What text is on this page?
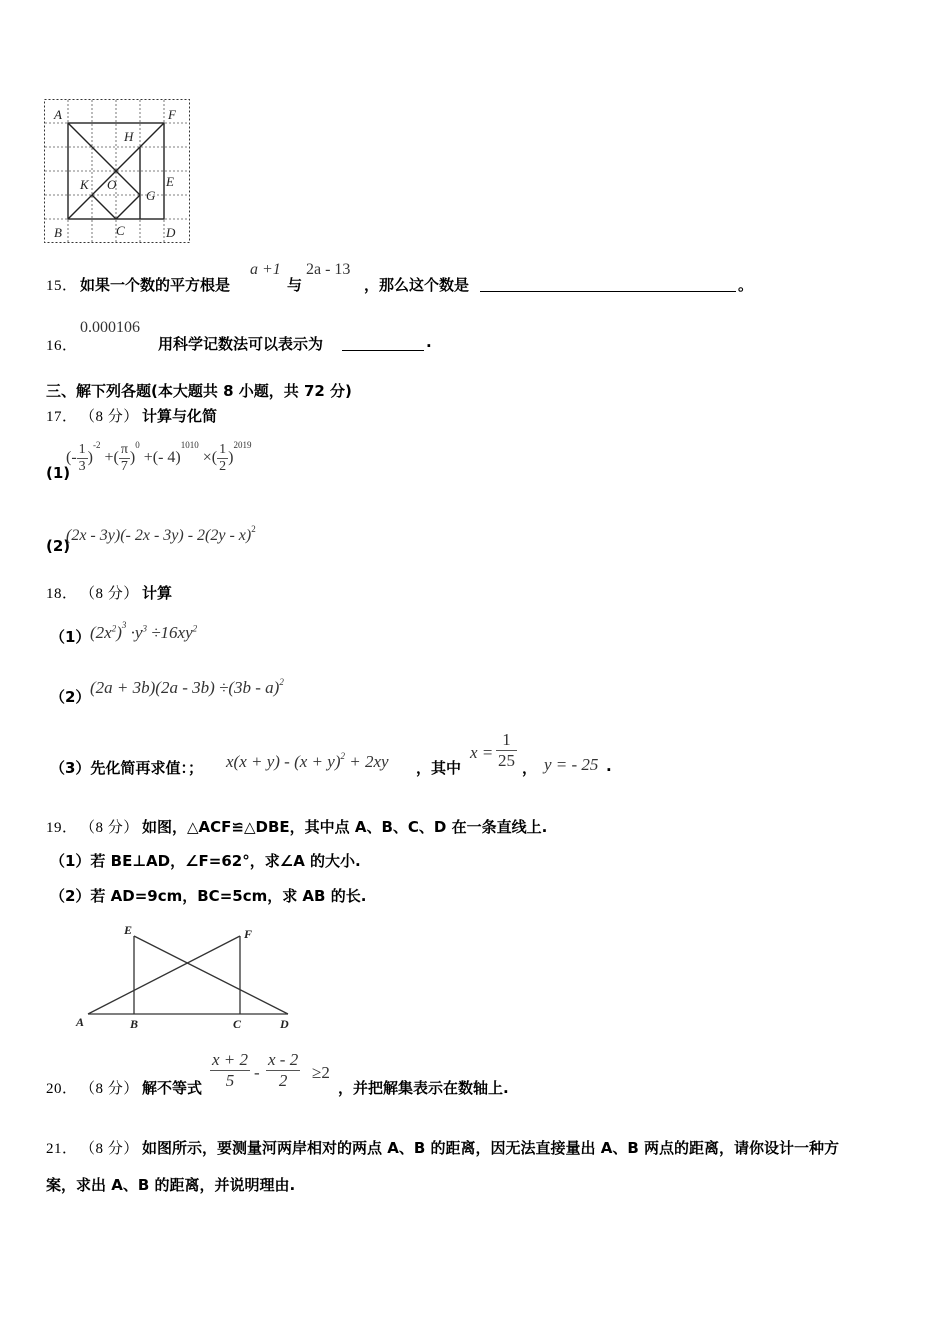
A	F
H
K O
G
E
B	C	D
15． 如果一个数的平方根是
a +1
与
2a - 13
，那么这个数是	。
16．
0.000106
用科学记数法可以表示为	.
三、解下列各题(本大题共 8 小题，共 72 分)
17． （8 分） 计算与化简
(1)
(- $\frac{1}{3} )^{-2}$ +( $\frac{\pi}{7} )^0$ +(- 4)$^{1010}$ ×( $\frac{1}{2} )^{2019}$
(2)
(2x - 3y)(- 2x - 3y) - 2(2y - x)$^2$
18． （8 分） 计算
（1） $(2x^2)^3 \cdot y^3 \div 16xy^2$
（2） (2a + 3b)(2a - 3b) ÷(3b - a)$^2$
（3）先化简再求值：； $x(x + y) - (x + y)^2 + 2xy$ ，其中
$x = \frac{1}{25}$ ， y = - 25 .
19． （8 分） 如图，△ACF≌△DBE，其中点 A、B、C、D 在一条直线上.
（1）若 BE⊥AD，∠F=62°，求∠A 的大小.
（2）若 AD=9cm，BC=5cm，求 AB 的长.
E	F
A	B	C	D
20． （8 分） 解不等式 $\frac{x + 2}{5} - \frac{x - 2}{2} \ge 2$
，并把解集表示在数轴上.
21． （8 分） 如图所示，要测量河两岸相对的两点 A、B 的距离，因无法直接量出 A、B 两点的距离，请你设计一种方
案，求出 A、B 的距离，并说明理由.
